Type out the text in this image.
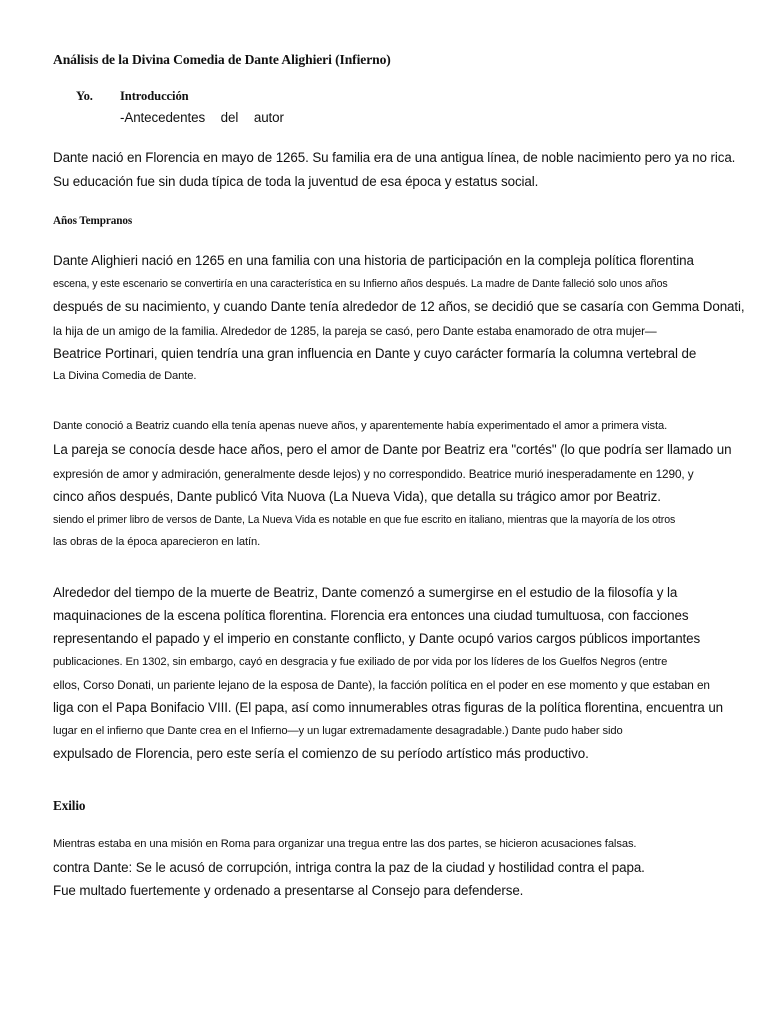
Análisis de la Divina Comedia de Dante Alighieri (Infierno)
Yo. Introducción
-Antecedentes del autor
Dante nació en Florencia en mayo de 1265. Su familia era de una antigua línea, de noble nacimiento pero ya no rica.
Su educación fue sin duda típica de toda la juventud de esa época y estatus social.
Años Tempranos
Dante Alighieri nació en 1265 en una familia con una historia de participación en la compleja política florentina
escena, y este escenario se convertiría en una característica en su Infierno años después. La madre de Dante falleció solo unos años
después de su nacimiento, y cuando Dante tenía alrededor de 12 años, se decidió que se casaría con Gemma Donati,
la hija de un amigo de la familia. Alrededor de 1285, la pareja se casó, pero Dante estaba enamorado de otra mujer—
Beatrice Portinari, quien tendría una gran influencia en Dante y cuyo carácter formaría la columna vertebral de
La Divina Comedia de Dante.
Dante conoció a Beatriz cuando ella tenía apenas nueve años, y aparentemente había experimentado el amor a primera vista.
La pareja se conocía desde hace años, pero el amor de Dante por Beatriz era "cortés" (lo que podría ser llamado un
expresión de amor y admiración, generalmente desde lejos) y no correspondido. Beatrice murió inesperadamente en 1290, y
cinco años después, Dante publicó Vita Nuova (La Nueva Vida), que detalla su trágico amor por Beatriz.
siendo el primer libro de versos de Dante, La Nueva Vida es notable en que fue escrito en italiano, mientras que la mayoría de los otros
las obras de la época aparecieron en latín.
Alrededor del tiempo de la muerte de Beatriz, Dante comenzó a sumergirse en el estudio de la filosofía y la
maquinaciones de la escena política florentina. Florencia era entonces una ciudad tumultuosa, con facciones
representando el papado y el imperio en constante conflicto, y Dante ocupó varios cargos públicos importantes
publicaciones. En 1302, sin embargo, cayó en desgracia y fue exiliado de por vida por los líderes de los Guelfos Negros (entre
ellos, Corso Donati, un pariente lejano de la esposa de Dante), la facción política en el poder en ese momento y que estaban en
liga con el Papa Bonifacio VIII. (El papa, así como innumerables otras figuras de la política florentina, encuentra un
lugar en el infierno que Dante crea en el Infierno—y un lugar extremadamente desagradable.) Dante pudo haber sido
expulsado de Florencia, pero este sería el comienzo de su período artístico más productivo.
Exilio
Mientras estaba en una misión en Roma para organizar una tregua entre las dos partes, se hicieron acusaciones falsas.
contra Dante: Se le acusó de corrupción, intriga contra la paz de la ciudad y hostilidad contra el papa.
Fue multado fuertemente y ordenado a presentarse al Consejo para defenderse.
